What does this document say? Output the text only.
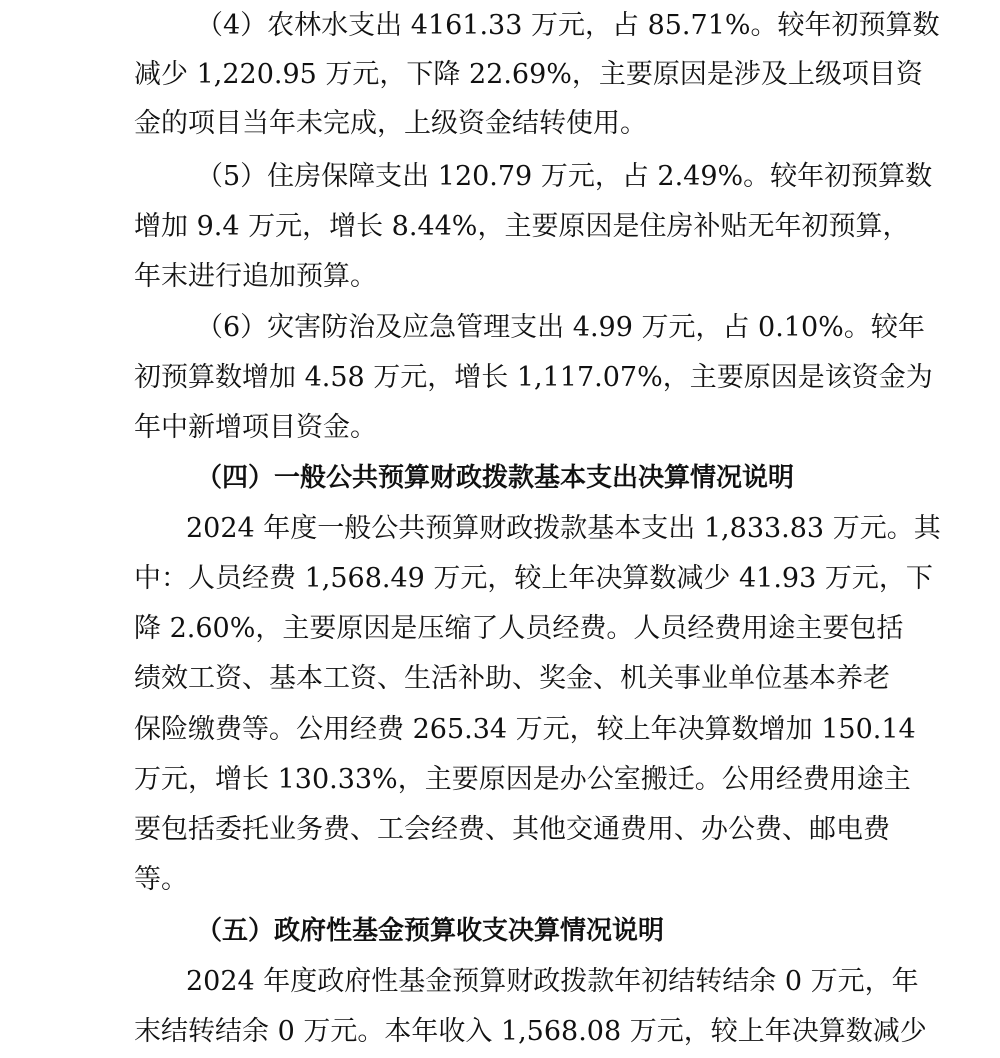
（4）农林水支出 4161.33 万元，占 85.71%。较年初预算数
减少 1,220.95 万元，下降 22.69%，主要原因是涉及上级项目资
金的项目当年未完成，上级资金结转使用。
（5）住房保障支出 120.79 万元，占 2.49%。较年初预算数
增加 9.4 万元，增长 8.44%，主要原因是住房补贴无年初预算，
年末进行追加预算。
（6）灾害防治及应急管理支出 4.99 万元，占 0.10%。较年
初预算数增加 4.58 万元，增长 1,117.07%，主要原因是该资金为
年中新增项目资金。
（四）一般公共预算财政拨款基本支出决算情况说明
2024 年度一般公共预算财政拨款基本支出 1,833.83 万元。其
中：人员经费 1,568.49 万元，较上年决算数减少 41.93 万元，下
降 2.60%，主要原因是压缩了人员经费。人员经费用途主要包括
绩效工资、基本工资、生活补助、奖金、机关事业单位基本养老
保险缴费等。公用经费 265.34 万元，较上年决算数增加 150.14
万元，增长 130.33%，主要原因是办公室搬迁。公用经费用途主
要包括委托业务费、工会经费、其他交通费用、办公费、邮电费
等。
（五）政府性基金预算收支决算情况说明
2024 年度政府性基金预算财政拨款年初结转结余 0 万元，年
末结转结余 0 万元。本年收入 1,568.08 万元，较上年决算数减少
